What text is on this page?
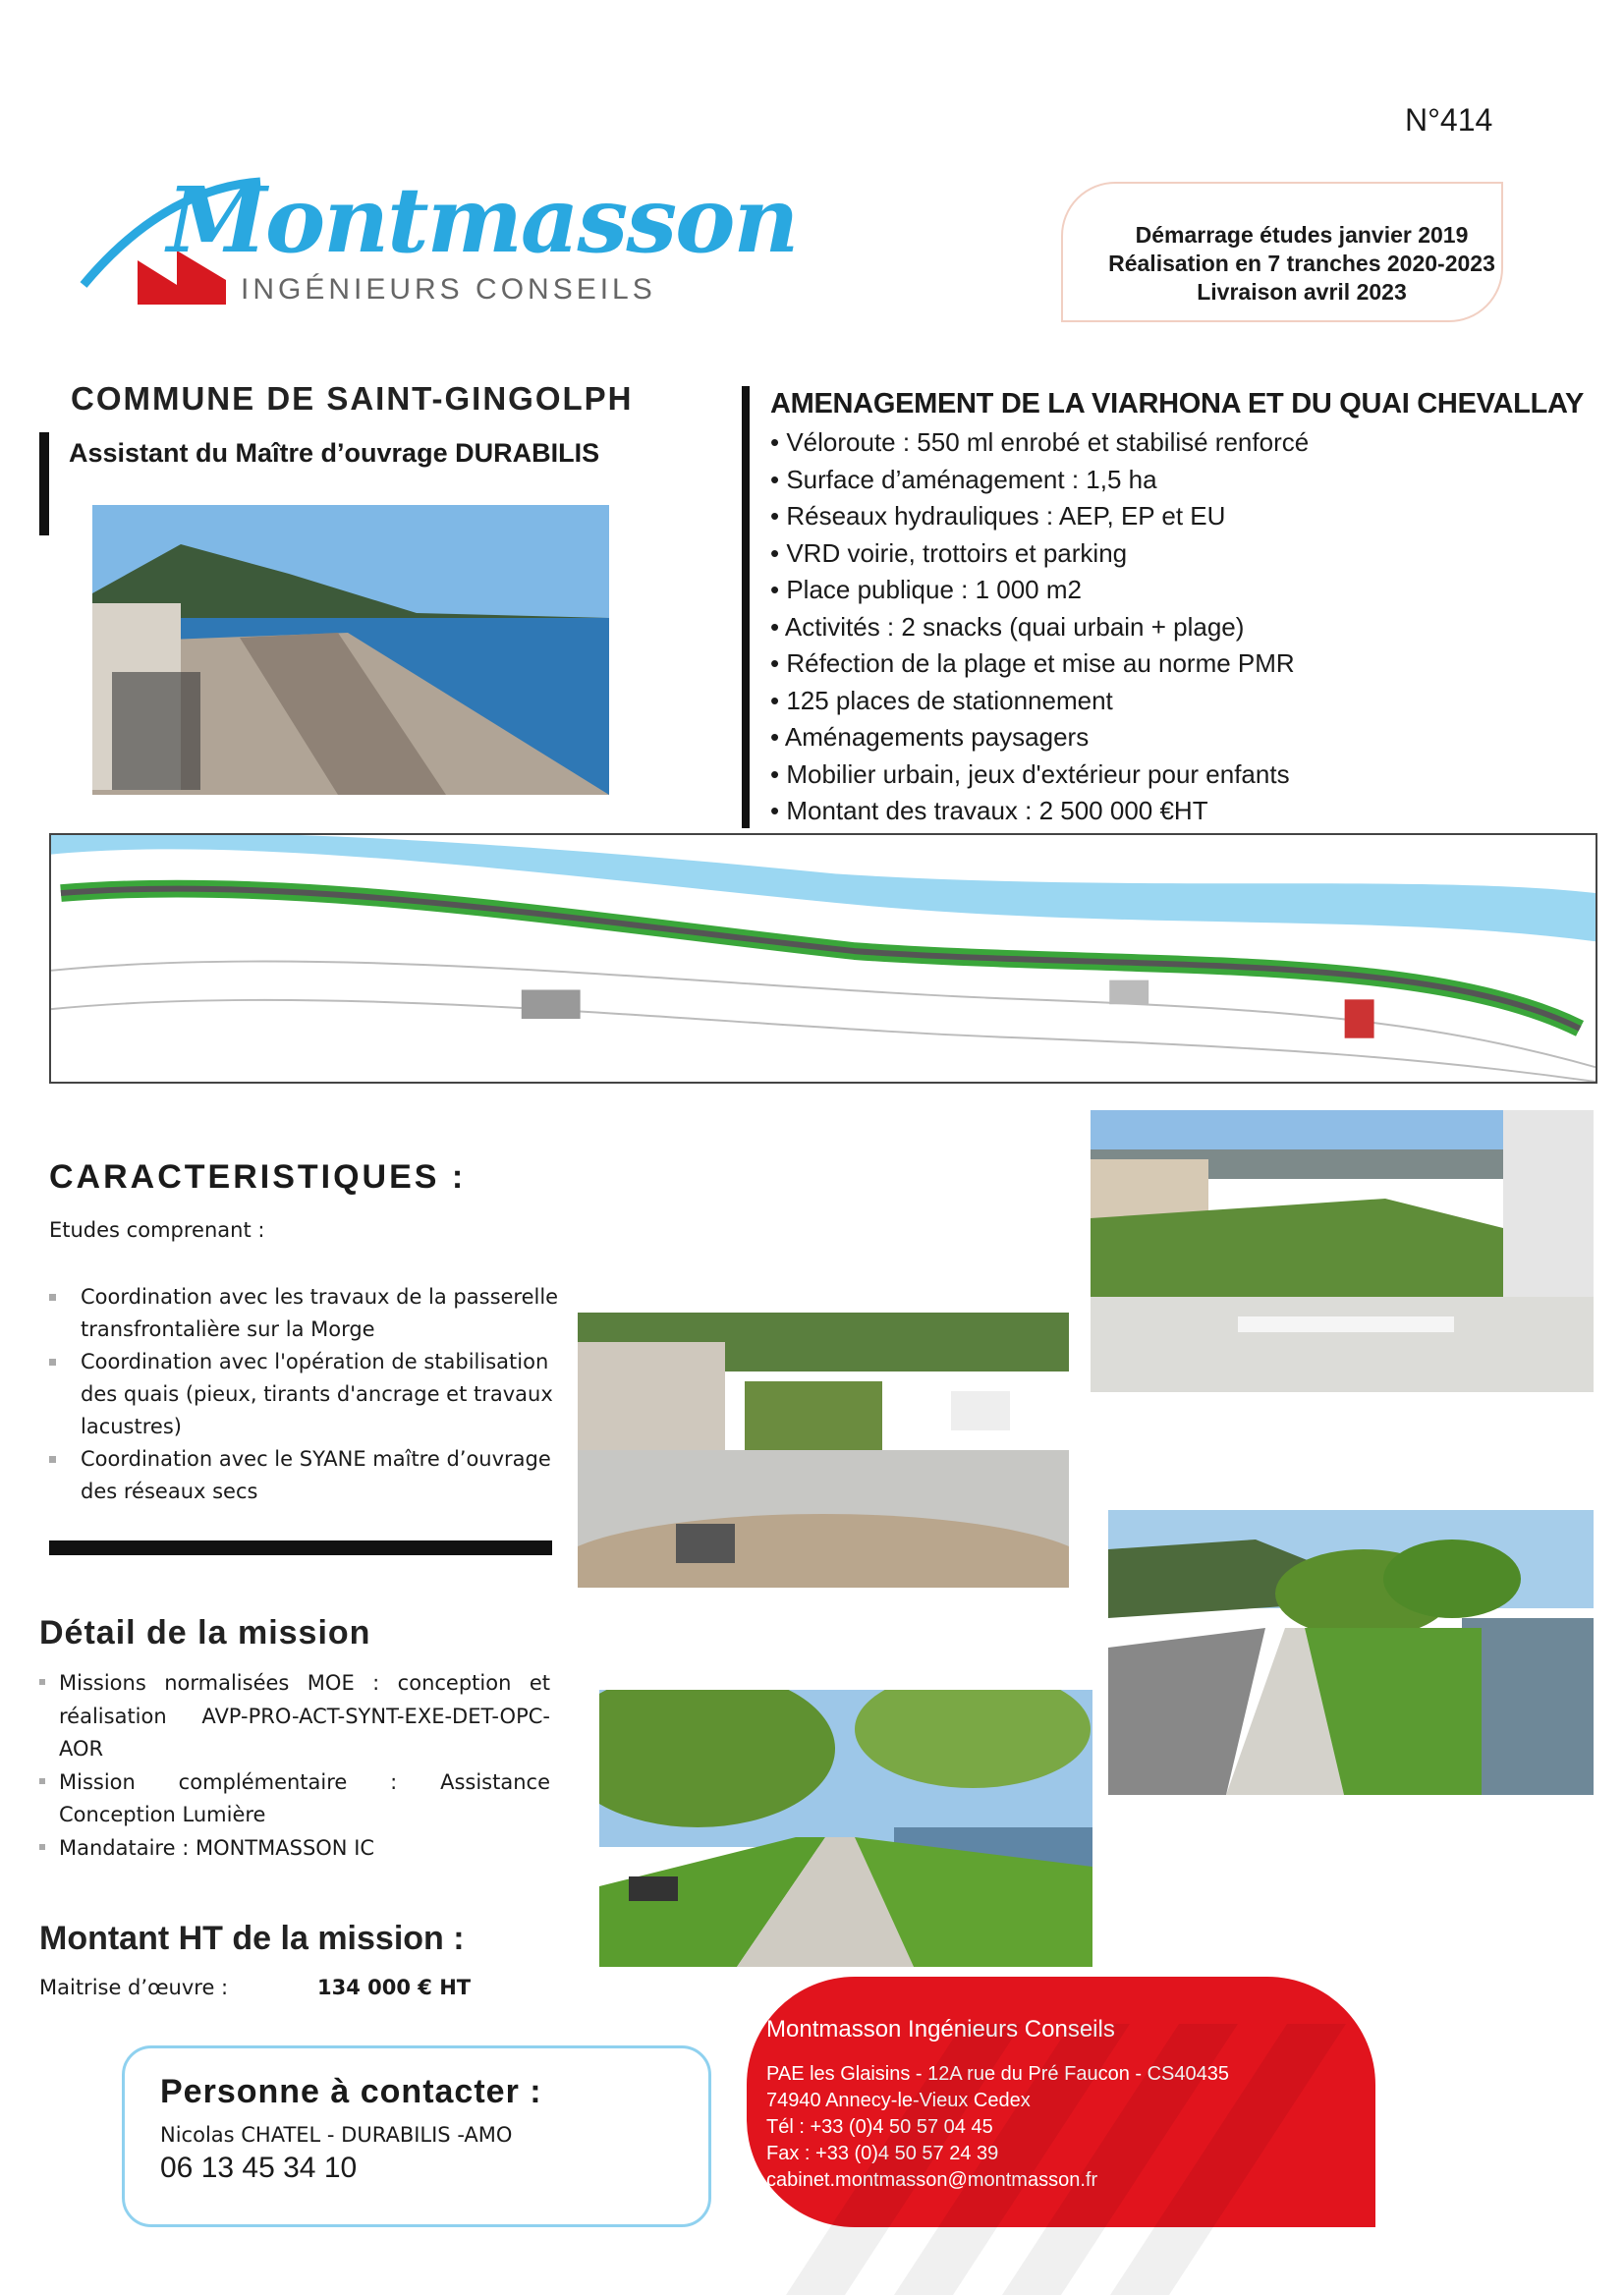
N°414
Montmasson
INGÉNIEURS CONSEILS
Démarrage études janvier 2019
Réalisation en 7 tranches 2020-2023
Livraison avril 2023
COMMUNE DE SAINT-GINGOLPH
Assistant du Maître d’ouvrage DURABILIS
AMENAGEMENT DE LA VIARHONA ET DU QUAI CHEVALLAY
• Véloroute : 550 ml enrobé et stabilisé renforcé
• Surface d’aménagement : 1,5 ha
• Réseaux hydrauliques : AEP, EP et EU
• VRD voirie, trottoirs et parking
• Place publique : 1 000 m2
• Activités : 2 snacks (quai urbain + plage)
• Réfection de la plage et mise au norme PMR
• 125 places de stationnement
• Aménagements paysagers
• Mobilier urbain, jeux d'extérieur pour enfants
• Montant des travaux : 2 500 000 €HT
CARACTERISTIQUES :
Etudes comprenant :
Coordination avec les travaux de la passerelle transfrontalière sur la Morge
Coordination avec l'opération de stabilisation des quais (pieux, tirants d'ancrage et travaux lacustres)
Coordination avec le SYANE maître d’ouvrage des réseaux secs
Détail de la mission
Missions normalisées MOE : conception et réalisation AVP-PRO-ACT-SYNT-EXE-DET-OPC-AOR
Mission complémentaire : Assistance Conception Lumière
Mandataire : MONTMASSON IC
Montant HT de la mission :
Maitrise d’œuvre :	134 000 € HT
Personne à contacter :
Nicolas CHATEL - DURABILIS -AMO
06 13 45 34 10
Montmasson Ingénieurs Conseils
PAE les Glaisins - 12A rue du Pré Faucon - CS40435
74940 Annecy-le-Vieux Cedex
Tél : +33 (0)4 50 57 04 45
Fax : +33 (0)4 50 57 24 39
cabinet.montmasson@montmasson.fr
